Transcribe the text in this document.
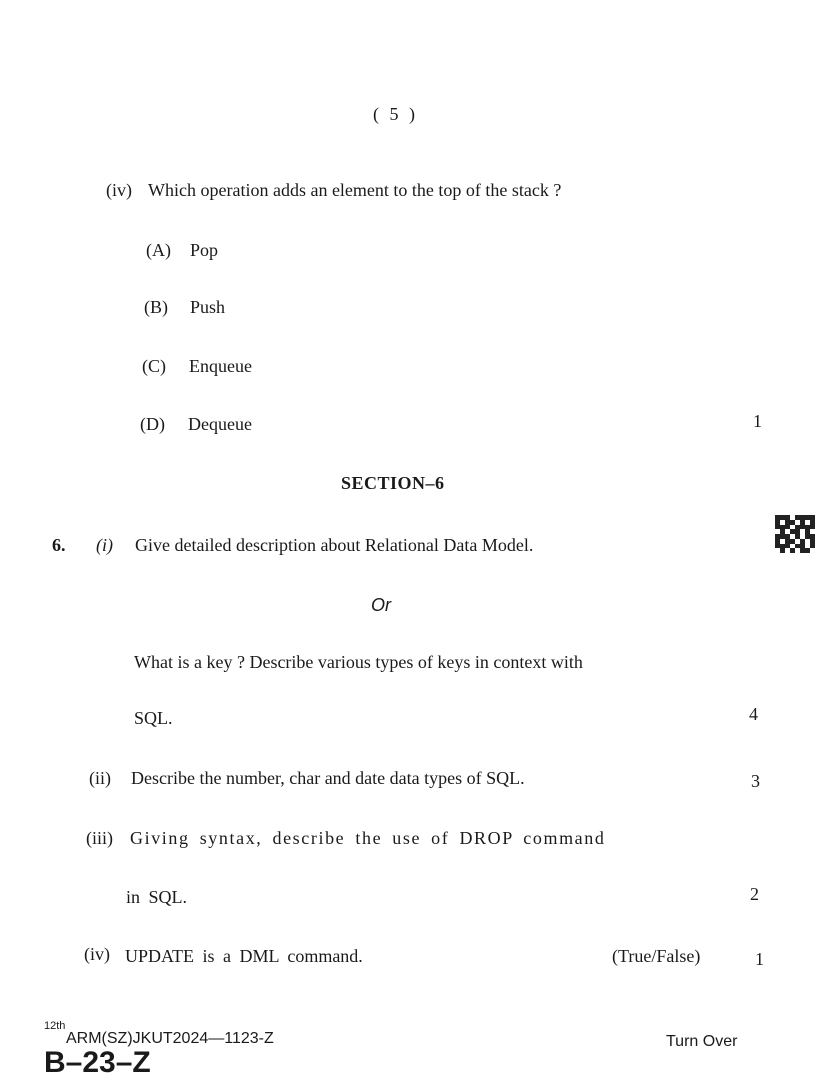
( 5 )
(iv) Which operation adds an element to the top of the stack ?
(A) Pop
(B) Push
(C) Enqueue
(D) Dequeue	1
SECTION–6
6. (i) Give detailed description about Relational Data Model.
Or
What is a key ? Describe various types of keys in context with
SQL.	4
(ii) Describe the number, char and date data types of SQL.	3
(iii) Giving syntax, describe the use of DROP command
in SQL.	2
(iv) UPDATE is a DML command.	(True/False)	1
12th
ARM(SZ)JKUT2024—1123-Z
B–23–Z
Turn Over
